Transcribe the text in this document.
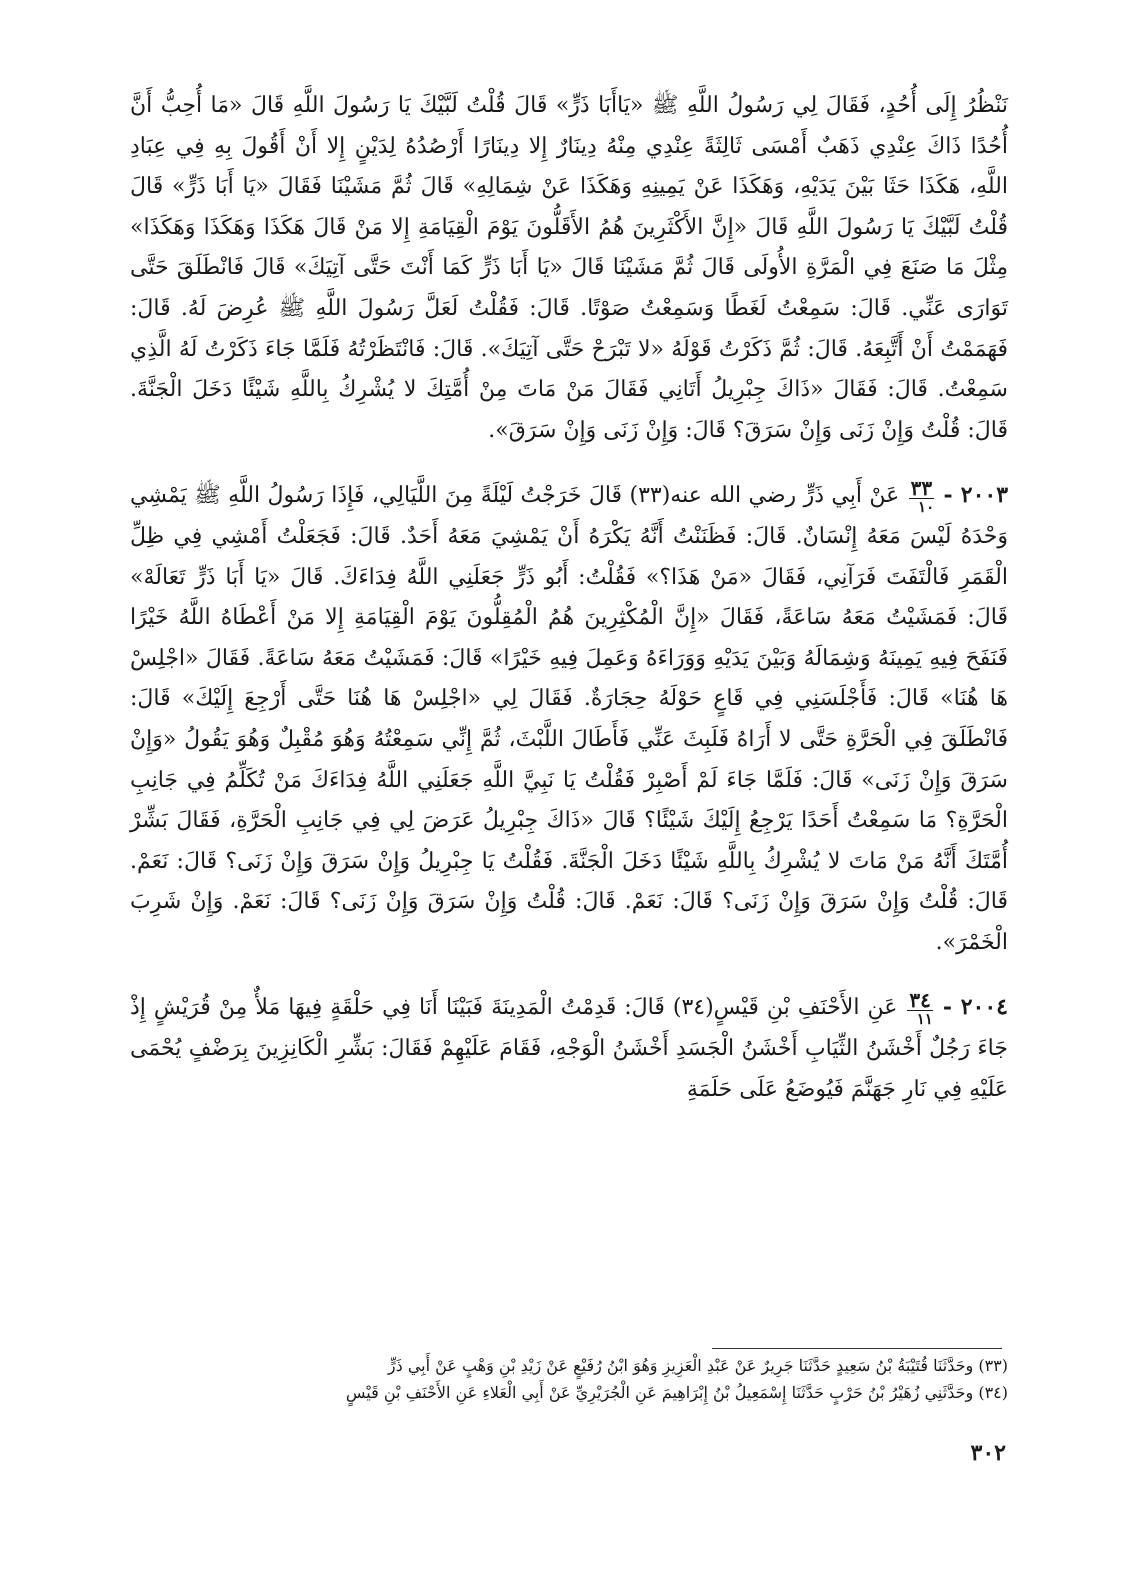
نَنْظُرُ إِلَى أُحُدٍ، فَقَالَ لِي رَسُولُ اللَّهِ ﷺ «يَاأَبَا ذَرٍّ» قَالَ قُلْتُ لَبَّيْكَ يَا رَسُولَ اللَّهِ قَالَ «مَا أُحِبُّ أَنَّ أُحُدًا ذَاكَ عِنْدِي ذَهَبٌ أَمْسَى ثَالِثَةً عِنْدِي مِنْهُ دِينَارٌ إِلا دِينَارًا أَرْصُدُهُ لِدَيْنٍ إِلا أَنْ أَقُولَ بِهِ فِي عِبَادِ اللَّهِ، هَكَذَا حَثَا بَيْنَ يَدَيْهِ، وَهَكَذَا عَنْ يَمِينِهِ وَهَكَذَا عَنْ شِمَالِهِ» قَالَ ثُمَّ مَشَيْنَا فَقَالَ «يَا أَبَا ذَرٍّ» قَالَ قُلْتُ لَبَّيْكَ يَا رَسُولَ اللَّهِ قَالَ «إِنَّ الأَكْثَرِينَ هُمُ الأَقَلُّونَ يَوْمَ الْقِيَامَةِ إِلا مَنْ قَالَ هَكَذَا وَهَكَذَا وَهَكَذَا» مِثْلَ مَا صَنَعَ فِي الْمَرَّةِ الأُولَى قَالَ ثُمَّ مَشَيْنَا قَالَ «يَا أَبَا ذَرٍّ كَمَا أَنْتَ حَتَّى آتِيَكَ» قَالَ فَانْطَلَقَ حَتَّى تَوَارَى عَنِّي. قَالَ: سَمِعْتُ لَغَطًا وَسَمِعْتُ صَوْتًا. قَالَ: فَقُلْتُ لَعَلَّ رَسُولَ اللَّهِ ﷺ عُرِضَ لَهُ. قَالَ: فَهَمَمْتُ أَنْ أَتَّبِعَهُ. قَالَ: ثُمَّ ذَكَرْتُ قَوْلَهُ «لا تَبْرَحْ حَتَّى آتِيَكَ». قَالَ: فَانْتَظَرْتُهُ فَلَمَّا جَاءَ ذَكَرْتُ لَهُ الَّذِي سَمِعْتُ. قَالَ: فَقَالَ «ذَاكَ جِبْرِيلُ أَتَانِي فَقَالَ مَنْ مَاتَ مِنْ أُمَّتِكَ لا يُشْرِكُ بِاللَّهِ شَيْئًا دَخَلَ الْجَنَّةَ. قَالَ: قُلْتُ وَإِنْ زَنَى وَإِنْ سَرَقَ؟ قَالَ: وَإِنْ زَنَى وَإِنْ سَرَقَ».

٢٠٠٣ -
$\frac{٣٣}{١٠}$
عَنْ أَبِي ذَرٍّ رضي الله عنه(٣٣) قَالَ خَرَجْتُ لَيْلَةً مِنَ اللَّيَالِي، فَإِذَا رَسُولُ اللَّهِ ﷺ يَمْشِي وَحْدَهُ لَيْسَ مَعَهُ إِنْسَانٌ. قَالَ: فَظَنَنْتُ أَنَّهُ يَكْرَهُ أَنْ يَمْشِيَ مَعَهُ أَحَدٌ. قَالَ: فَجَعَلْتُ أَمْشِي فِي ظِلِّ الْقَمَرِ فَالْتَفَتَ فَرَآنِي، فَقَالَ «مَنْ هَذَا؟» فَقُلْتُ: أَبُو ذَرٍّ جَعَلَنِي اللَّهُ فِدَاءَكَ. قَالَ «يَا أَبَا ذَرٍّ تَعَالَهْ» قَالَ: فَمَشَيْتُ مَعَهُ سَاعَةً، فَقَالَ «إِنَّ الْمُكْثِرِينَ هُمُ الْمُقِلُّونَ يَوْمَ الْقِيَامَةِ إِلا مَنْ أَعْطَاهُ اللَّهُ خَيْرًا فَنَفَحَ فِيهِ يَمِينَهُ وَشِمَالَهُ وَبَيْنَ يَدَيْهِ وَوَرَاءَهُ وَعَمِلَ فِيهِ خَيْرًا» قَالَ: فَمَشَيْتُ مَعَهُ سَاعَةً. فَقَالَ «اجْلِسْ هَا هُنَا» قَالَ: فَأَجْلَسَنِي فِي قَاعٍ حَوْلَهُ حِجَارَةٌ. فَقَالَ لِي «اجْلِسْ هَا هُنَا حَتَّى أَرْجِعَ إِلَيْكَ» قَالَ: فَانْطَلَقَ فِي الْحَرَّةِ حَتَّى لا أَرَاهُ فَلَبِثَ عَنِّي فَأَطَالَ اللَّبْثَ، ثُمَّ إِنِّي سَمِعْتُهُ وَهُوَ مُقْبِلٌ وَهُوَ يَقُولُ «وَإِنْ سَرَقَ وَإِنْ زَنَى» قَالَ: فَلَمَّا جَاءَ لَمْ أَصْبِرْ فَقُلْتُ يَا نَبِيَّ اللَّهِ جَعَلَنِي اللَّهُ فِدَاءَكَ مَنْ تُكَلِّمُ فِي جَانِبِ الْحَرَّةِ؟ مَا سَمِعْتُ أَحَدًا يَرْجِعُ إِلَيْكَ شَيْئًا؟ قَالَ «ذَاكَ جِبْرِيلُ عَرَضَ لِي فِي جَانِبِ الْحَرَّةِ، فَقَالَ بَشِّرْ أُمَّتَكَ أَنَّهُ مَنْ مَاتَ لا يُشْرِكُ بِاللَّهِ شَيْئًا دَخَلَ الْجَنَّةَ. فَقُلْتُ يَا جِبْرِيلُ وَإِنْ سَرَقَ وَإِنْ زَنَى؟ قَالَ: نَعَمْ. قَالَ: قُلْتُ وَإِنْ سَرَقَ وَإِنْ زَنَى؟ قَالَ: نَعَمْ. قَالَ: قُلْتُ وَإِنْ سَرَقَ وَإِنْ زَنَى؟ قَالَ: نَعَمْ. وَإِنْ شَرِبَ الْخَمْرَ».

٢٠٠٤ -
$\frac{٣٤}{١١}$
عَنِ الأَحْنَفِ بْنِ قَيْسٍ(٣٤) قَالَ: قَدِمْتُ الْمَدِينَةَ فَبَيْنَا أَنَا فِي حَلْقَةٍ فِيهَا مَلأٌ مِنْ قُرَيْشٍ إِذْ جَاءَ رَجُلٌ أَخْشَنُ الثِّيَابِ أَخْشَنُ الْجَسَدِ أَخْشَنُ الْوَجْهِ، فَقَامَ عَلَيْهِمْ فَقَالَ: بَشِّرِ الْكَانِزِينَ بِرَضْفٍ يُحْمَى عَلَيْهِ فِي نَارِ جَهَنَّمَ فَيُوضَعُ عَلَى حَلَمَةِ

(٣٣) وحَدَّثَنَا قُتَيْبَةُ بْنُ سَعِيدٍ حَدَّثَنَا جَرِيرٌ عَنْ عَبْدِ الْعَزِيزِ وَهُوَ ابْنُ رُفَيْعٍ عَنْ زَيْدِ بْنِ وَهْبٍ عَنْ أَبِي ذَرٍّ

(٣٤) وحَدَّثَنِي زُهَيْرُ بْنُ حَرْبٍ حَدَّثَنَا إِسْمَعِيلُ بْنُ إِبْرَاهِيمَ عَنِ الْجُرَيْرِيِّ عَنْ أَبِي الْعَلاءِ عَنِ الأَحْنَفِ بْنِ قَيْسٍ

٣٠٢
